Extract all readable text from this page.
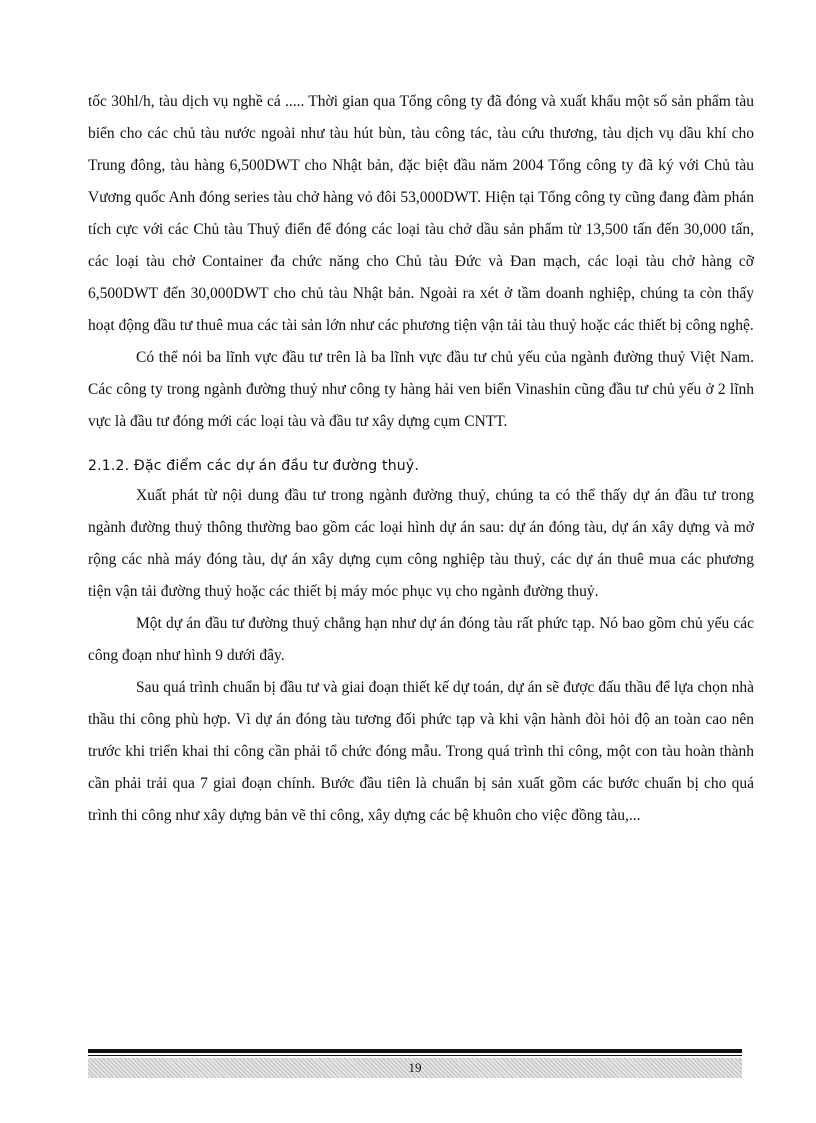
tốc 30hl/h, tàu dịch vụ nghề cá ..... Thời gian qua Tổng công ty đã đóng và xuất khẩu một số sản phẩm tàu biển cho các chủ tàu nước ngoài như tàu hút bùn, tàu công tác, tàu cứu thương, tàu dịch vụ dầu khí cho Trung đông, tàu hàng 6,500DWT cho Nhật bản, đặc biệt đầu năm 2004 Tổng công ty đã ký với Chủ tàu Vương quốc Anh đóng series tàu chở hàng vỏ đôi 53,000DWT. Hiện tại Tổng công ty cũng đang đàm phán tích cực với các Chủ tàu Thuỷ điển để đóng các loại tàu chở dầu sản phẩm từ 13,500 tấn đến 30,000 tấn, các loại tàu chở Container đa chức năng cho Chủ tàu Đức và Đan mạch, các loại tàu chở hàng cỡ 6,500DWT đến 30,000DWT cho chủ tàu Nhật bản. Ngoài ra xét ở tầm doanh nghiệp, chúng ta còn thấy hoạt động đầu tư thuê mua các tài sản lớn như các phương tiện vận tải tàu thuỷ hoặc các thiết bị công nghệ.

Có thể nói ba lĩnh vực đầu tư trên là ba lĩnh vực đầu tư chủ yếu của ngành đường thuỷ Việt Nam. Các công ty trong ngành đường thuỷ như công ty hàng hải ven biển Vinashin cũng đầu tư chủ yếu ở 2 lĩnh vực là đầu tư đóng mới các loại tàu và đầu tư xây dựng cụm CNTT.

2.1.2. Đặc điểm các dự án đầu tư đường thuỷ.

Xuất phát từ nội dung đầu tư trong ngành đường thuỷ, chúng ta có thể thấy dự án đầu tư trong ngành đường thuỷ thông thường bao gồm các loại hình dự án sau: dự án đóng tàu, dự án xây dựng và mở rộng các nhà máy đóng tàu, dự án xây dựng cụm công nghiệp tàu thuỷ, các dự án thuê mua các phương tiện vận tải đường thuỷ hoặc các thiết bị máy móc phục vụ cho ngành đường thuỷ.

Một dự án đầu tư đường thuỷ chẳng hạn như dự án đóng tàu rất phức tạp. Nó bao gồm chủ yếu các công đoạn như hình 9 dưới đây.

Sau quá trình chuẩn bị đầu tư và giai đoạn thiết kế dự toán, dự án sẽ được đấu thầu để lựa chọn nhà thầu thi công phù hợp. Vì dự án đóng tàu tương đối phức tạp và khi vận hành đòi hỏi độ an toàn cao nên trước khi triển khai thi công cần phải tổ chức đóng mẫu. Trong quá trình thi công, một con tàu hoàn thành cần phải trải qua 7 giai đoạn chính. Bước đầu tiên là chuẩn bị sản xuất gồm các bước chuẩn bị cho quá trình thi công như xây dựng bản vẽ thi công, xây dựng các bệ khuôn cho việc đồng tàu,...

19
